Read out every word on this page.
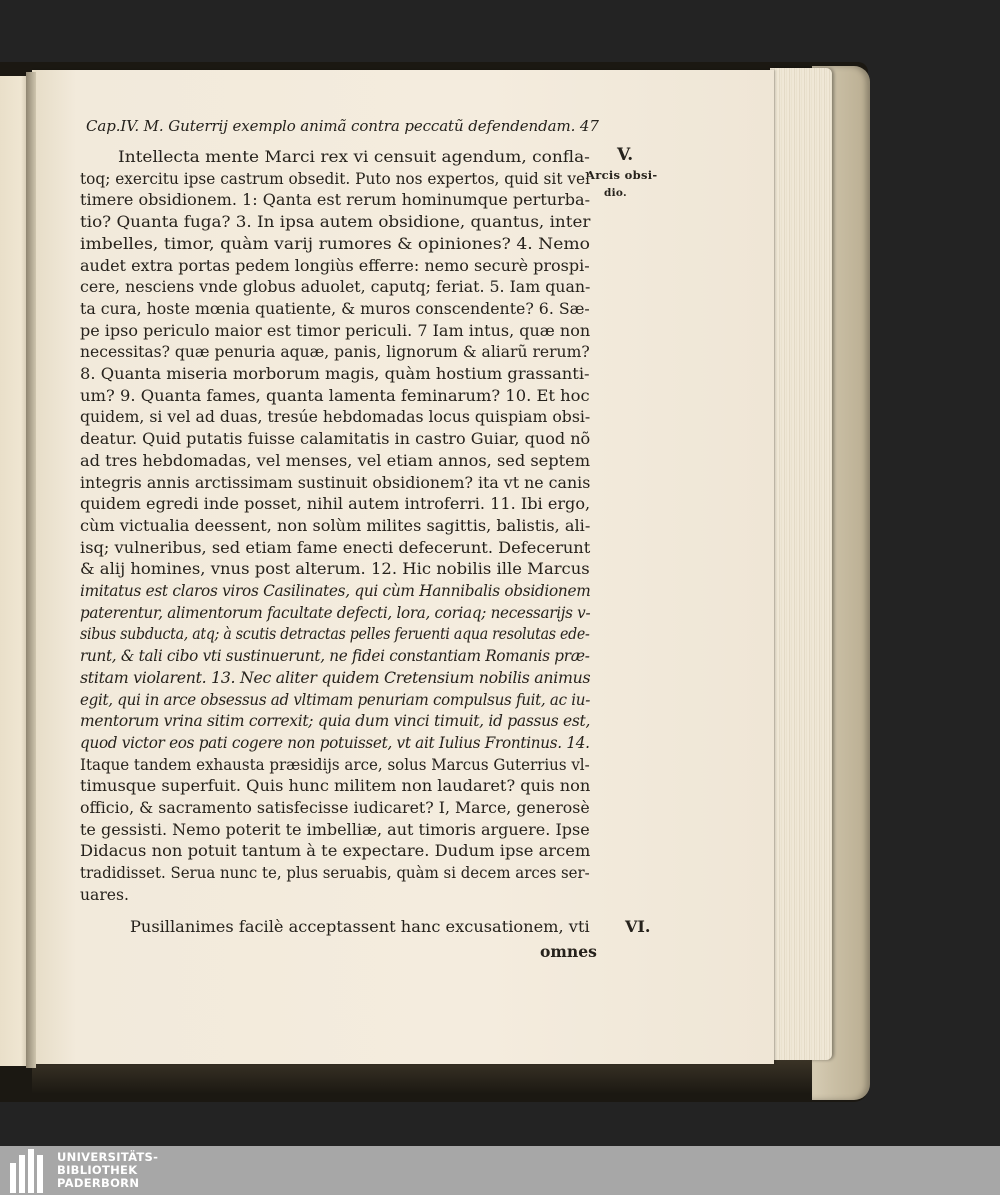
Cap.IV. M. Guterrij exemplo animã contra peccatũ defendendam. 47
Intellecta mente Marci rex vi censuit agendum, confla-
toq; exercitu ipse castrum obsedit. Puto nos expertos, quid sit vel
timere obsidionem. 1: Qanta est rerum hominumque perturba-
tio? Quanta fuga? 3. In ipsa autem obsidione, quantus, inter
imbelles, timor, quàm varij rumores & opiniones? 4. Nemo
audet extra portas pedem longiùs efferre: nemo securè prospi-
cere, nesciens vnde globus aduolet, caputq; feriat. 5. Iam quan-
ta cura, hoste mœnia quatiente, & muros conscendente? 6. Sæ-
pe ipso periculo maior est timor periculi. 7 Iam intus, quæ non
necessitas? quæ penuria aquæ, panis, lignorum & aliarũ rerum?
8. Quanta miseria morborum magis, quàm hostium grassanti-
um? 9. Quanta fames, quanta lamenta feminarum? 10. Et hoc
quidem, si vel ad duas, tresúe hebdomadas locus quispiam obsi-
deatur. Quid putatis fuisse calamitatis in castro Guiar, quod nõ
ad tres hebdomadas, vel menses, vel etiam annos, sed septem
integris annis arctissimam sustinuit obsidionem? ita vt ne canis
quidem egredi inde posset, nihil autem introferri. 11. Ibi ergo,
cùm victualia deessent, non solùm milites sagittis, balistis, ali-
isq; vulneribus, sed etiam fame enecti defecerunt. Defecerunt
& alij homines, vnus post alterum. 12. Hic nobilis ille Marcus
imitatus est claros viros Casilinates, qui cùm Hannibalis obsidionem
paterentur, alimentorum facultate defecti, lora, coriaq; necessarijs v-
sibus subducta, atq; à scutis detractas pelles feruenti aqua resolutas ede-
runt, & tali cibo vti sustinuerunt, ne fidei constantiam Romanis præ-
stitam violarent. 13. Nec aliter quidem Cretensium nobilis animus
egit, qui in arce obsessus ad vltimam penuriam compulsus fuit, ac iu-
mentorum vrina sitim correxit; quia dum vinci timuit, id passus est,
quod victor eos pati cogere non potuisset, vt ait Iulius Frontinus. 14.
Itaque tandem exhausta præsidijs arce, solus Marcus Guterrius vl-
timusque superfuit. Quis hunc militem non laudaret? quis non
officio, & sacramento satisfecisse iudicaret? I, Marce, generosè
te gessisti. Nemo poterit te imbelliæ, aut timoris arguere. Ipse
Didacus non potuit tantum à te expectare. Dudum ipse arcem
tradidisset. Serua nunc te, plus seruabis, quàm si decem arces ser-
uares.
Pusillanimes facilè acceptassent hanc excusationem, vti
V.
Arcis obsi-
dio.
VI.
omnes
UNIVERSITÄTS-
BIBLIOTHEK
PADERBORN
